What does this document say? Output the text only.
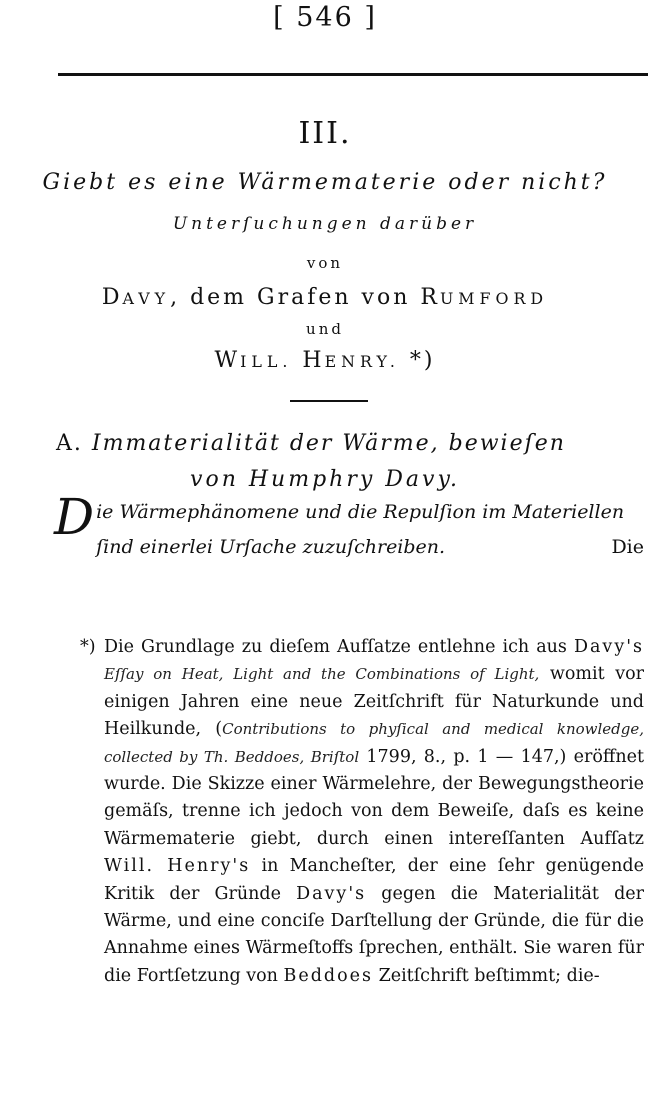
[ 546 ]
III.
Giebt es eine Wärmematerie oder nicht?
Unterſuchungen darüber
von
DAVY, dem Grafen von RUMFORD
und
WILL. HENRY. *)
A. Immaterialität der Wärme, bewieſen
von Humphry Davy.
Die Wärmephänomene und die Repulſion im Materiellen ſind einerlei Urſache zuzuſchreiben.	Die
*) Die Grundlage zu dieſem Aufſatze entlehne ich aus Davy's Eſſay on Heat, Light and the Combinations of Light, womit vor einigen Jahren eine neue Zeitſchrift für Naturkunde und Heilkunde, (Contributions to phyſical and medical knowledge, collected by Th. Beddoes, Briſtol 1799, 8., p. 1 — 147,) eröffnet wurde. Die Skizze einer Wärmelehre, der Bewegungstheorie gemäſs, trenne ich jedoch von dem Beweiſe, daſs es keine Wärmematerie giebt, durch einen intereſſanten Aufſatz Will. Henry's in Mancheſter, der eine ſehr genügende Kritik der Gründe Davy's gegen die Materialität der Wärme, und eine conciſe Darſtellung der Gründe, die für die Annahme eines Wärmeſtoffs ſprechen, enthält. Sie waren für die Fortſetzung von Beddoes Zeitſchrift beſtimmt; die-
